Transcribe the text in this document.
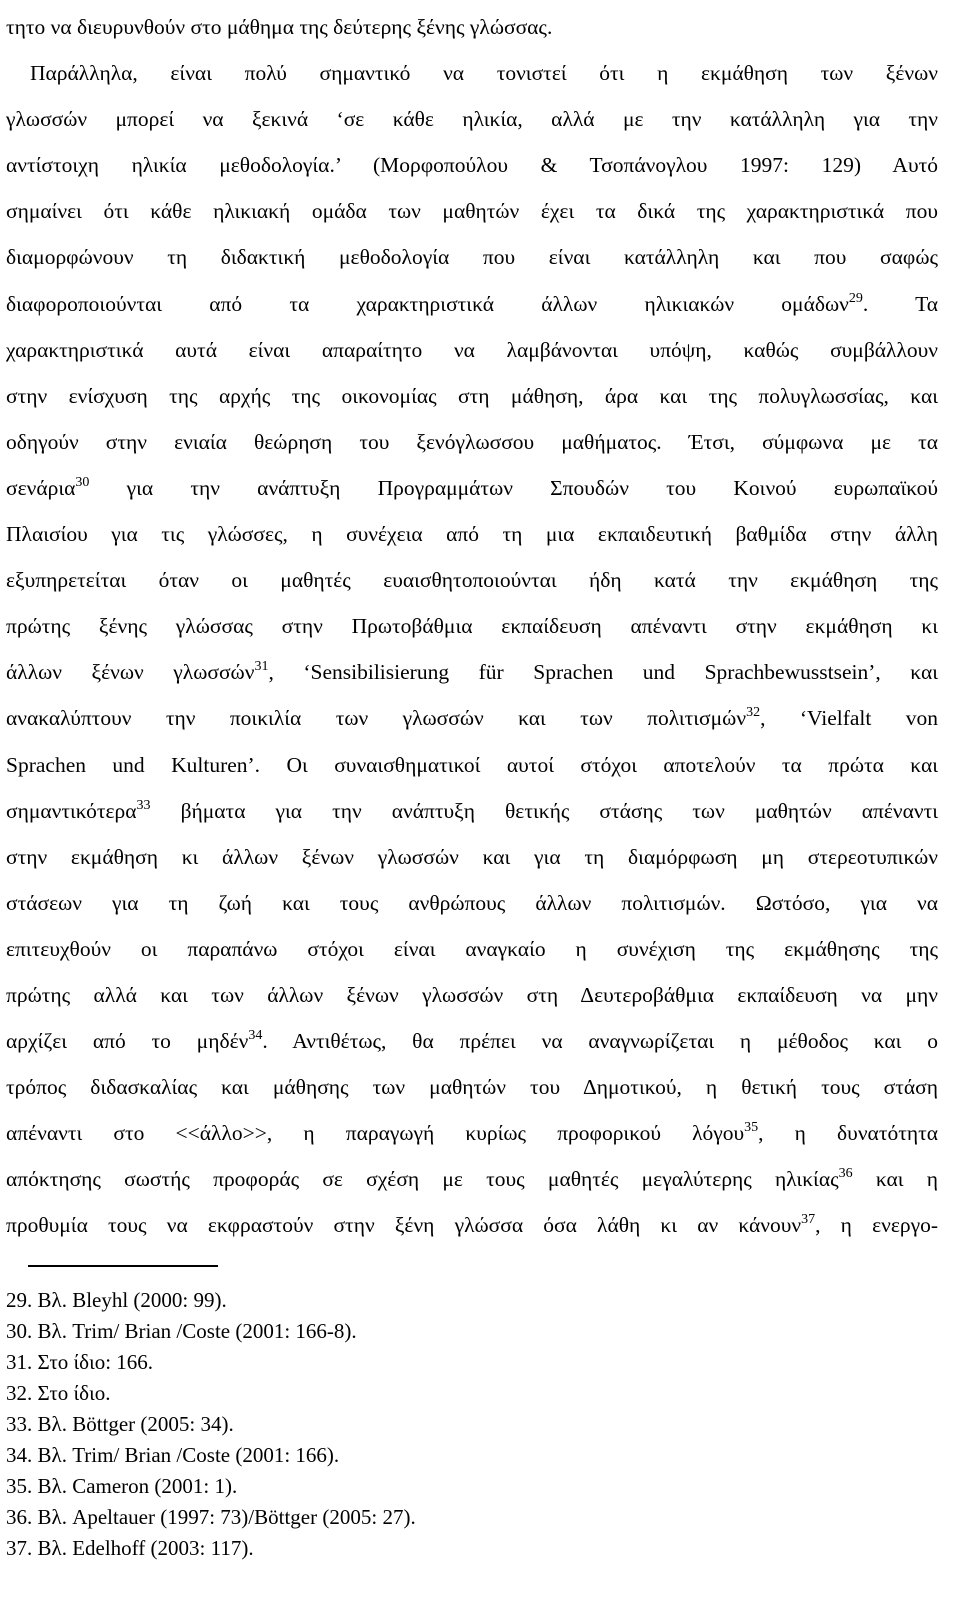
τητο να διευρυνθούν στο μάθημα της δεύτερης ξένης γλώσσας.
Παράλληλα, είναι πολύ σημαντικό να τονιστεί ότι η εκμάθηση των ξένων
γλωσσών μπορεί να ξεκινά ‘σε κάθε ηλικία, αλλά με την κατάλληλη για την
αντίστοιχη ηλικία μεθοδολογία.’ (Μορφοπούλου & Τσοπάνογλου 1997: 129) Αυτό
σημαίνει ότι κάθε ηλικιακή ομάδα των μαθητών έχει τα δικά της χαρακτηριστικά που
διαμορφώνουν τη διδακτική μεθοδολογία που είναι κατάλληλη και που σαφώς
διαφοροποιούνται από τα χαρακτηριστικά άλλων ηλικιακών ομάδων$^{29}$. Τα
χαρακτηριστικά αυτά είναι απαραίτητο να λαμβάνονται υπόψη, καθώς συμβάλλουν
στην ενίσχυση της αρχής της οικονομίας στη μάθηση, άρα και της πολυγλωσσίας, και
οδηγούν στην ενιαία θεώρηση του ξενόγλωσσου μαθήματος. Έτσι, σύμφωνα με τα
σενάρια$^{30}$ για την ανάπτυξη Προγραμμάτων Σπουδών του Κοινού ευρωπαϊκού
Πλαισίου για τις γλώσσες, η συνέχεια από τη μια εκπαιδευτική βαθμίδα στην άλλη
εξυπηρετείται όταν οι μαθητές ευαισθητοποιούνται ήδη κατά την εκμάθηση της
πρώτης ξένης γλώσσας στην Πρωτοβάθμια εκπαίδευση απέναντι στην εκμάθηση κι
άλλων ξένων γλωσσών$^{31}$, ‘Sensibilisierung für Sprachen und Sprachbewusstsein’, και
ανακαλύπτουν την ποικιλία των γλωσσών και των πολιτισμών$^{32}$, ‘Vielfalt von
Sprachen und Kulturen’. Οι συναισθηματικοί αυτοί στόχοι αποτελούν τα πρώτα και
σημαντικότερα$^{33}$ βήματα για την ανάπτυξη θετικής στάσης των μαθητών απέναντι
στην εκμάθηση κι άλλων ξένων γλωσσών και για τη διαμόρφωση μη στερεοτυπικών
στάσεων για τη ζωή και τους ανθρώπους άλλων πολιτισμών. Ωστόσο, για να
επιτευχθούν οι παραπάνω στόχοι είναι αναγκαίο η συνέχιση της εκμάθησης της
πρώτης αλλά και των άλλων ξένων γλωσσών στη Δευτεροβάθμια εκπαίδευση να μην
αρχίζει από το μηδέν$^{34}$. Αντιθέτως, θα πρέπει να αναγνωρίζεται η μέθοδος και ο
τρόπος διδασκαλίας και μάθησης των μαθητών του Δημοτικού, η θετική τους στάση
απέναντι στο <<άλλο>>, η παραγωγή κυρίως προφορικού λόγου$^{35}$, η δυνατότητα
απόκτησης σωστής προφοράς σε σχέση με τους μαθητές μεγαλύτερης ηλικίας$^{36}$ και η
προθυμία τους να εκφραστούν στην ξένη γλώσσα όσα λάθη κι αν κάνουν$^{37}$, η ενεργο-
29. Βλ. Bleyhl (2000: 99).
30. Βλ. Trim/ Brian /Coste (2001: 166-8).
31. Στο ίδιο: 166.
32. Στο ίδιο.
33. Βλ. Böttger (2005: 34).
34. Βλ. Trim/ Brian /Coste (2001: 166).
35. Βλ. Cameron (2001: 1).
36. Βλ. Apeltauer (1997: 73)/Böttger (2005: 27).
37. Βλ. Edelhoff (2003: 117).
